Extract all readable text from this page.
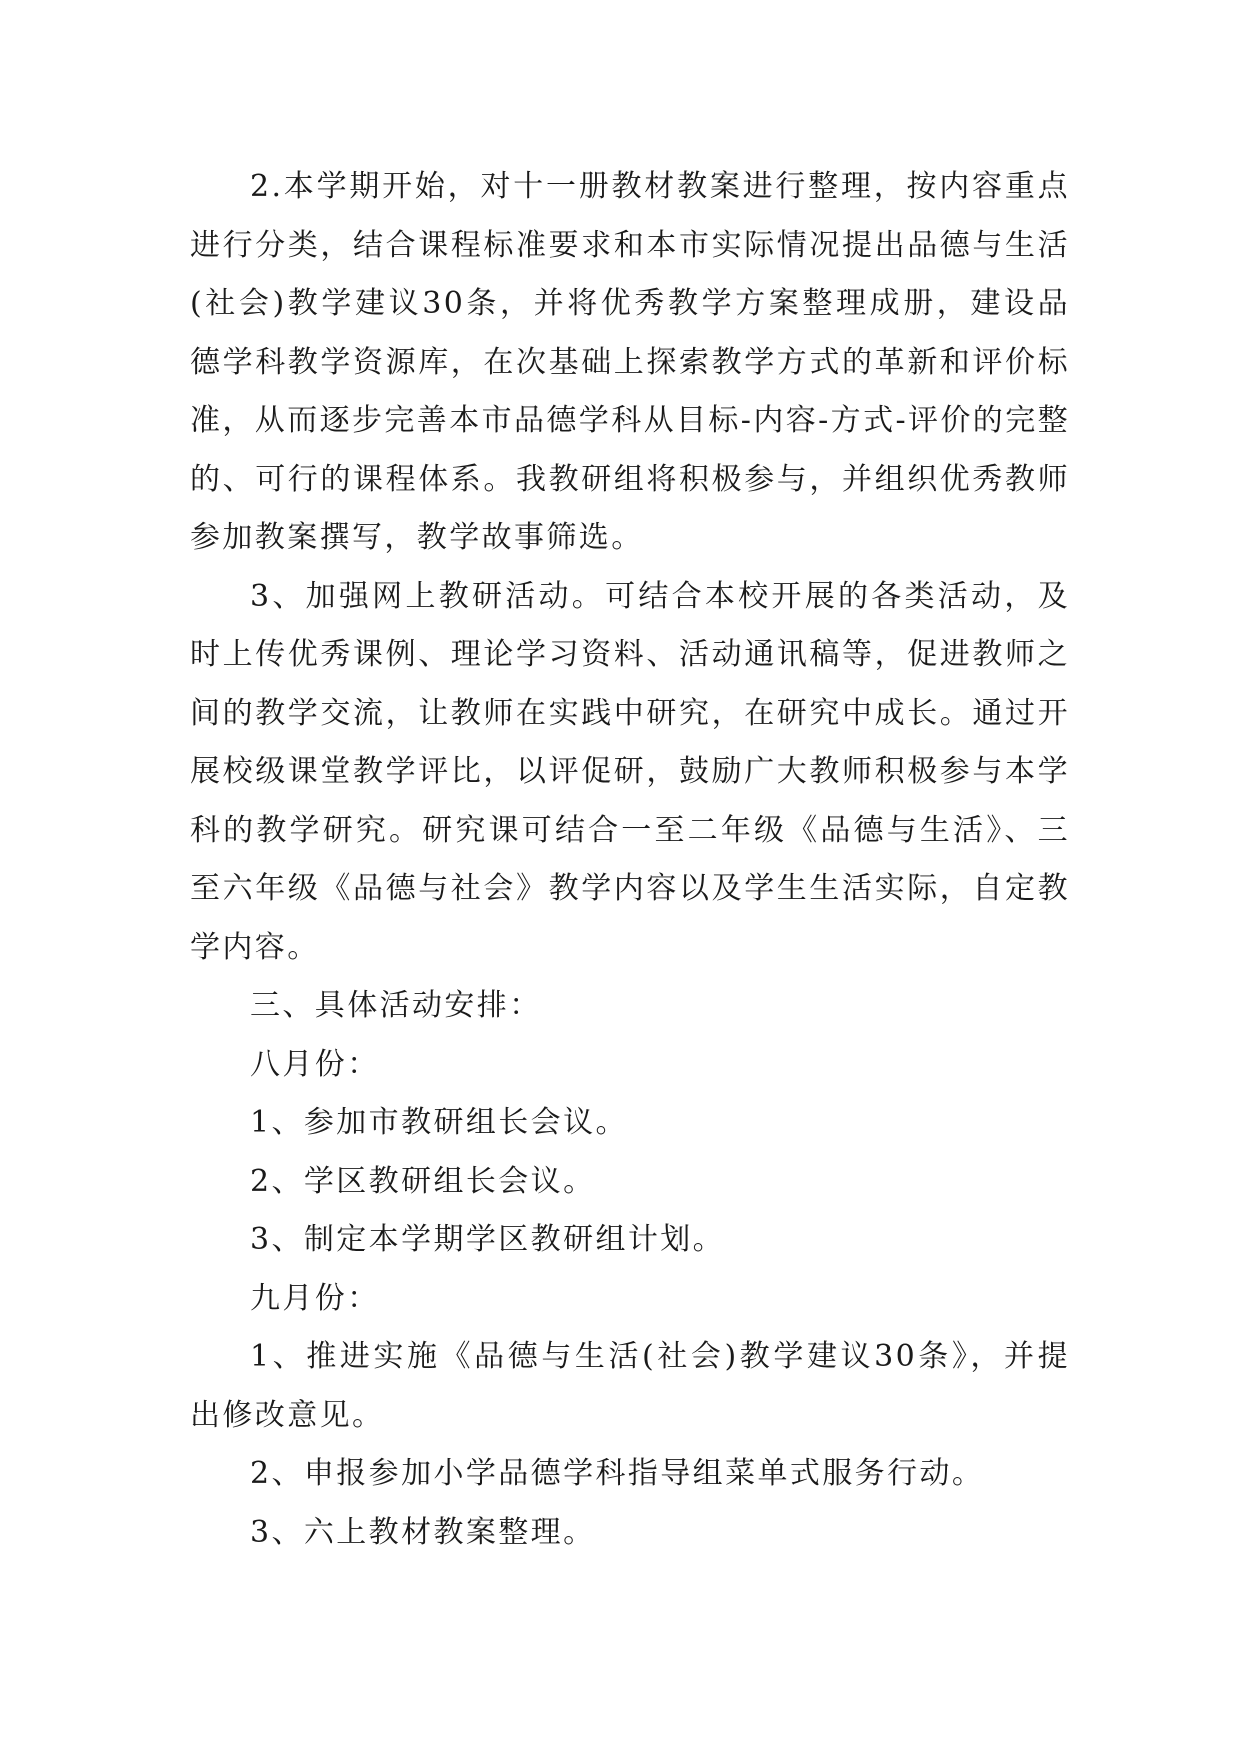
2.本学期开始，对十一册教材教案进行整理，按内容重点进行分类，结合课程标准要求和本市实际情况提出品德与生活(社会)教学建议30条，并将优秀教学方案整理成册，建设品德学科教学资源库，在次基础上探索教学方式的革新和评价标准，从而逐步完善本市品德学科从目标-内容-方式-评价的完整的、可行的课程体系。我教研组将积极参与，并组织优秀教师参加教案撰写，教学故事筛选。

3、加强网上教研活动。可结合本校开展的各类活动，及时上传优秀课例、理论学习资料、活动通讯稿等，促进教师之间的教学交流，让教师在实践中研究，在研究中成长。通过开展校级课堂教学评比，以评促研，鼓励广大教师积极参与本学科的教学研究。研究课可结合一至二年级《品德与生活》、三至六年级《品德与社会》教学内容以及学生生活实际，自定教学内容。

三、具体活动安排：

八月份：

1、参加市教研组长会议。

2、学区教研组长会议。

3、制定本学期学区教研组计划。

九月份：

1、推进实施《品德与生活(社会)教学建议30条》，并提出修改意见。

2、申报参加小学品德学科指导组菜单式服务行动。

3、六上教材教案整理。
